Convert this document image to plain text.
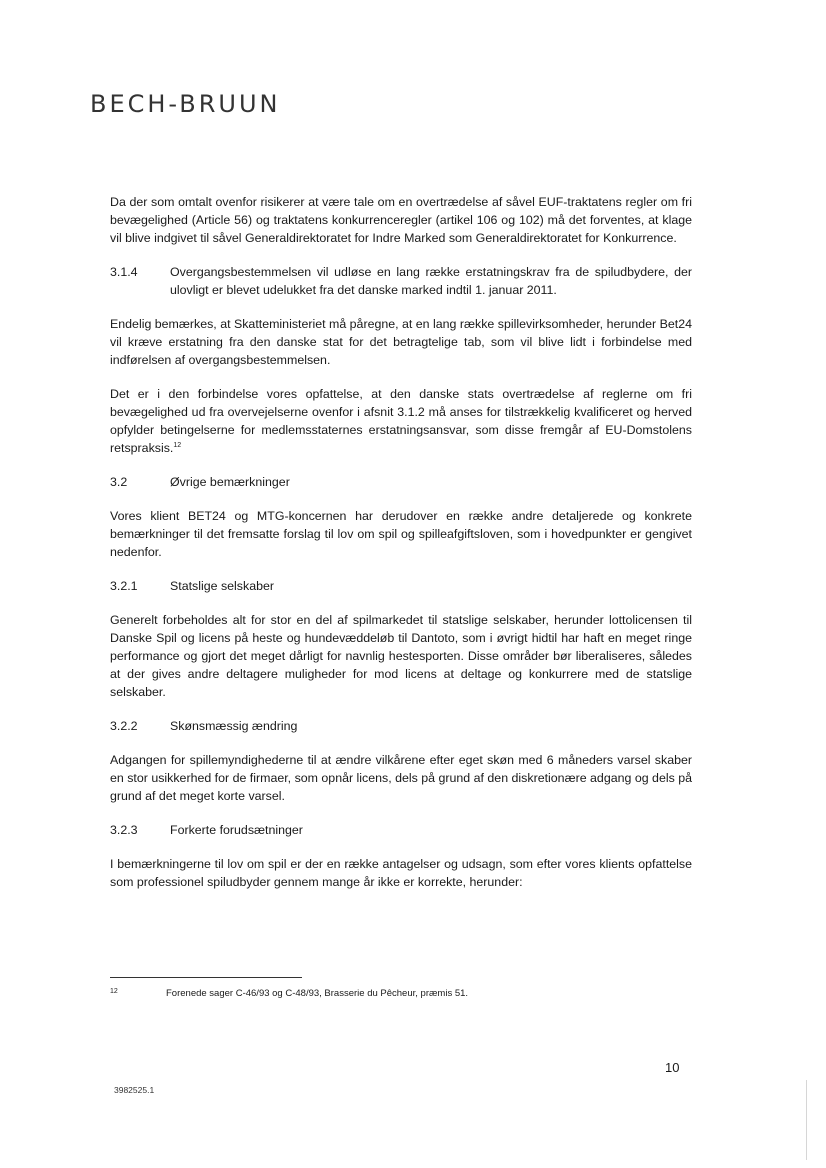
BECH-BRUUN

Da der som omtalt ovenfor risikerer at være tale om en overtrædelse af såvel EUF-traktatens regler om fri bevægelighed (Article 56) og traktatens konkurrenceregler (artikel 106 og 102) må det forventes, at klage vil blive indgivet til såvel Generaldirektoratet for Indre Marked som Generaldirektoratet for Konkurrence.

3.1.4	Overgangsbestemmelsen vil udløse en lang række erstatningskrav fra de spiludbydere, der ulovligt er blevet udelukket fra det danske marked indtil 1. januar 2011.

Endelig bemærkes, at Skatteministeriet må påregne, at en lang række spillevirksomheder, herunder Bet24 vil kræve erstatning fra den danske stat for det betragtelige tab, som vil blive lidt i forbindelse med indførelsen af overgangsbestemmelsen.

Det er i den forbindelse vores opfattelse, at den danske stats overtrædelse af reglerne om fri bevægelighed ud fra overvejelserne ovenfor i afsnit 3.1.2 må anses for tilstrækkelig kvalificeret og herved opfylder betingelserne for medlemsstaternes erstatningsansvar, som disse fremgår af EU-Domstolens retspraksis.$^{12}$

3.2	Øvrige bemærkninger

Vores klient BET24 og MTG-koncernen har derudover en række andre detaljerede og konkrete bemærkninger til det fremsatte forslag til lov om spil og spilleafgiftsloven, som i hovedpunkter er gengivet nedenfor.

3.2.1	Statslige selskaber

Generelt forbeholdes alt for stor en del af spilmarkedet til statslige selskaber, herunder lottolicensen til Danske Spil og licens på heste og hundevæddeløb til Dantoto, som i øvrigt hidtil har haft en meget ringe performance og gjort det meget dårligt for navnlig hestesporten. Disse områder bør liberaliseres, således at der gives andre deltagere muligheder for mod licens at deltage og konkurrere med de statslige selskaber.

3.2.2	Skønsmæssig ændring

Adgangen for spillemyndighederne til at ændre vilkårene efter eget skøn med 6 måneders varsel skaber en stor usikkerhed for de firmaer, som opnår licens, dels på grund af den diskretionære adgang og dels på grund af det meget korte varsel.

3.2.3	Forkerte forudsætninger

I bemærkningerne til lov om spil er der en række antagelser og udsagn, som efter vores klients opfattelse som professionel spiludbyder gennem mange år ikke er korrekte, herunder:

12	Forenede sager C-46/93 og C-48/93, Brasserie du Pêcheur, præmis 51.
10
3982525.1
